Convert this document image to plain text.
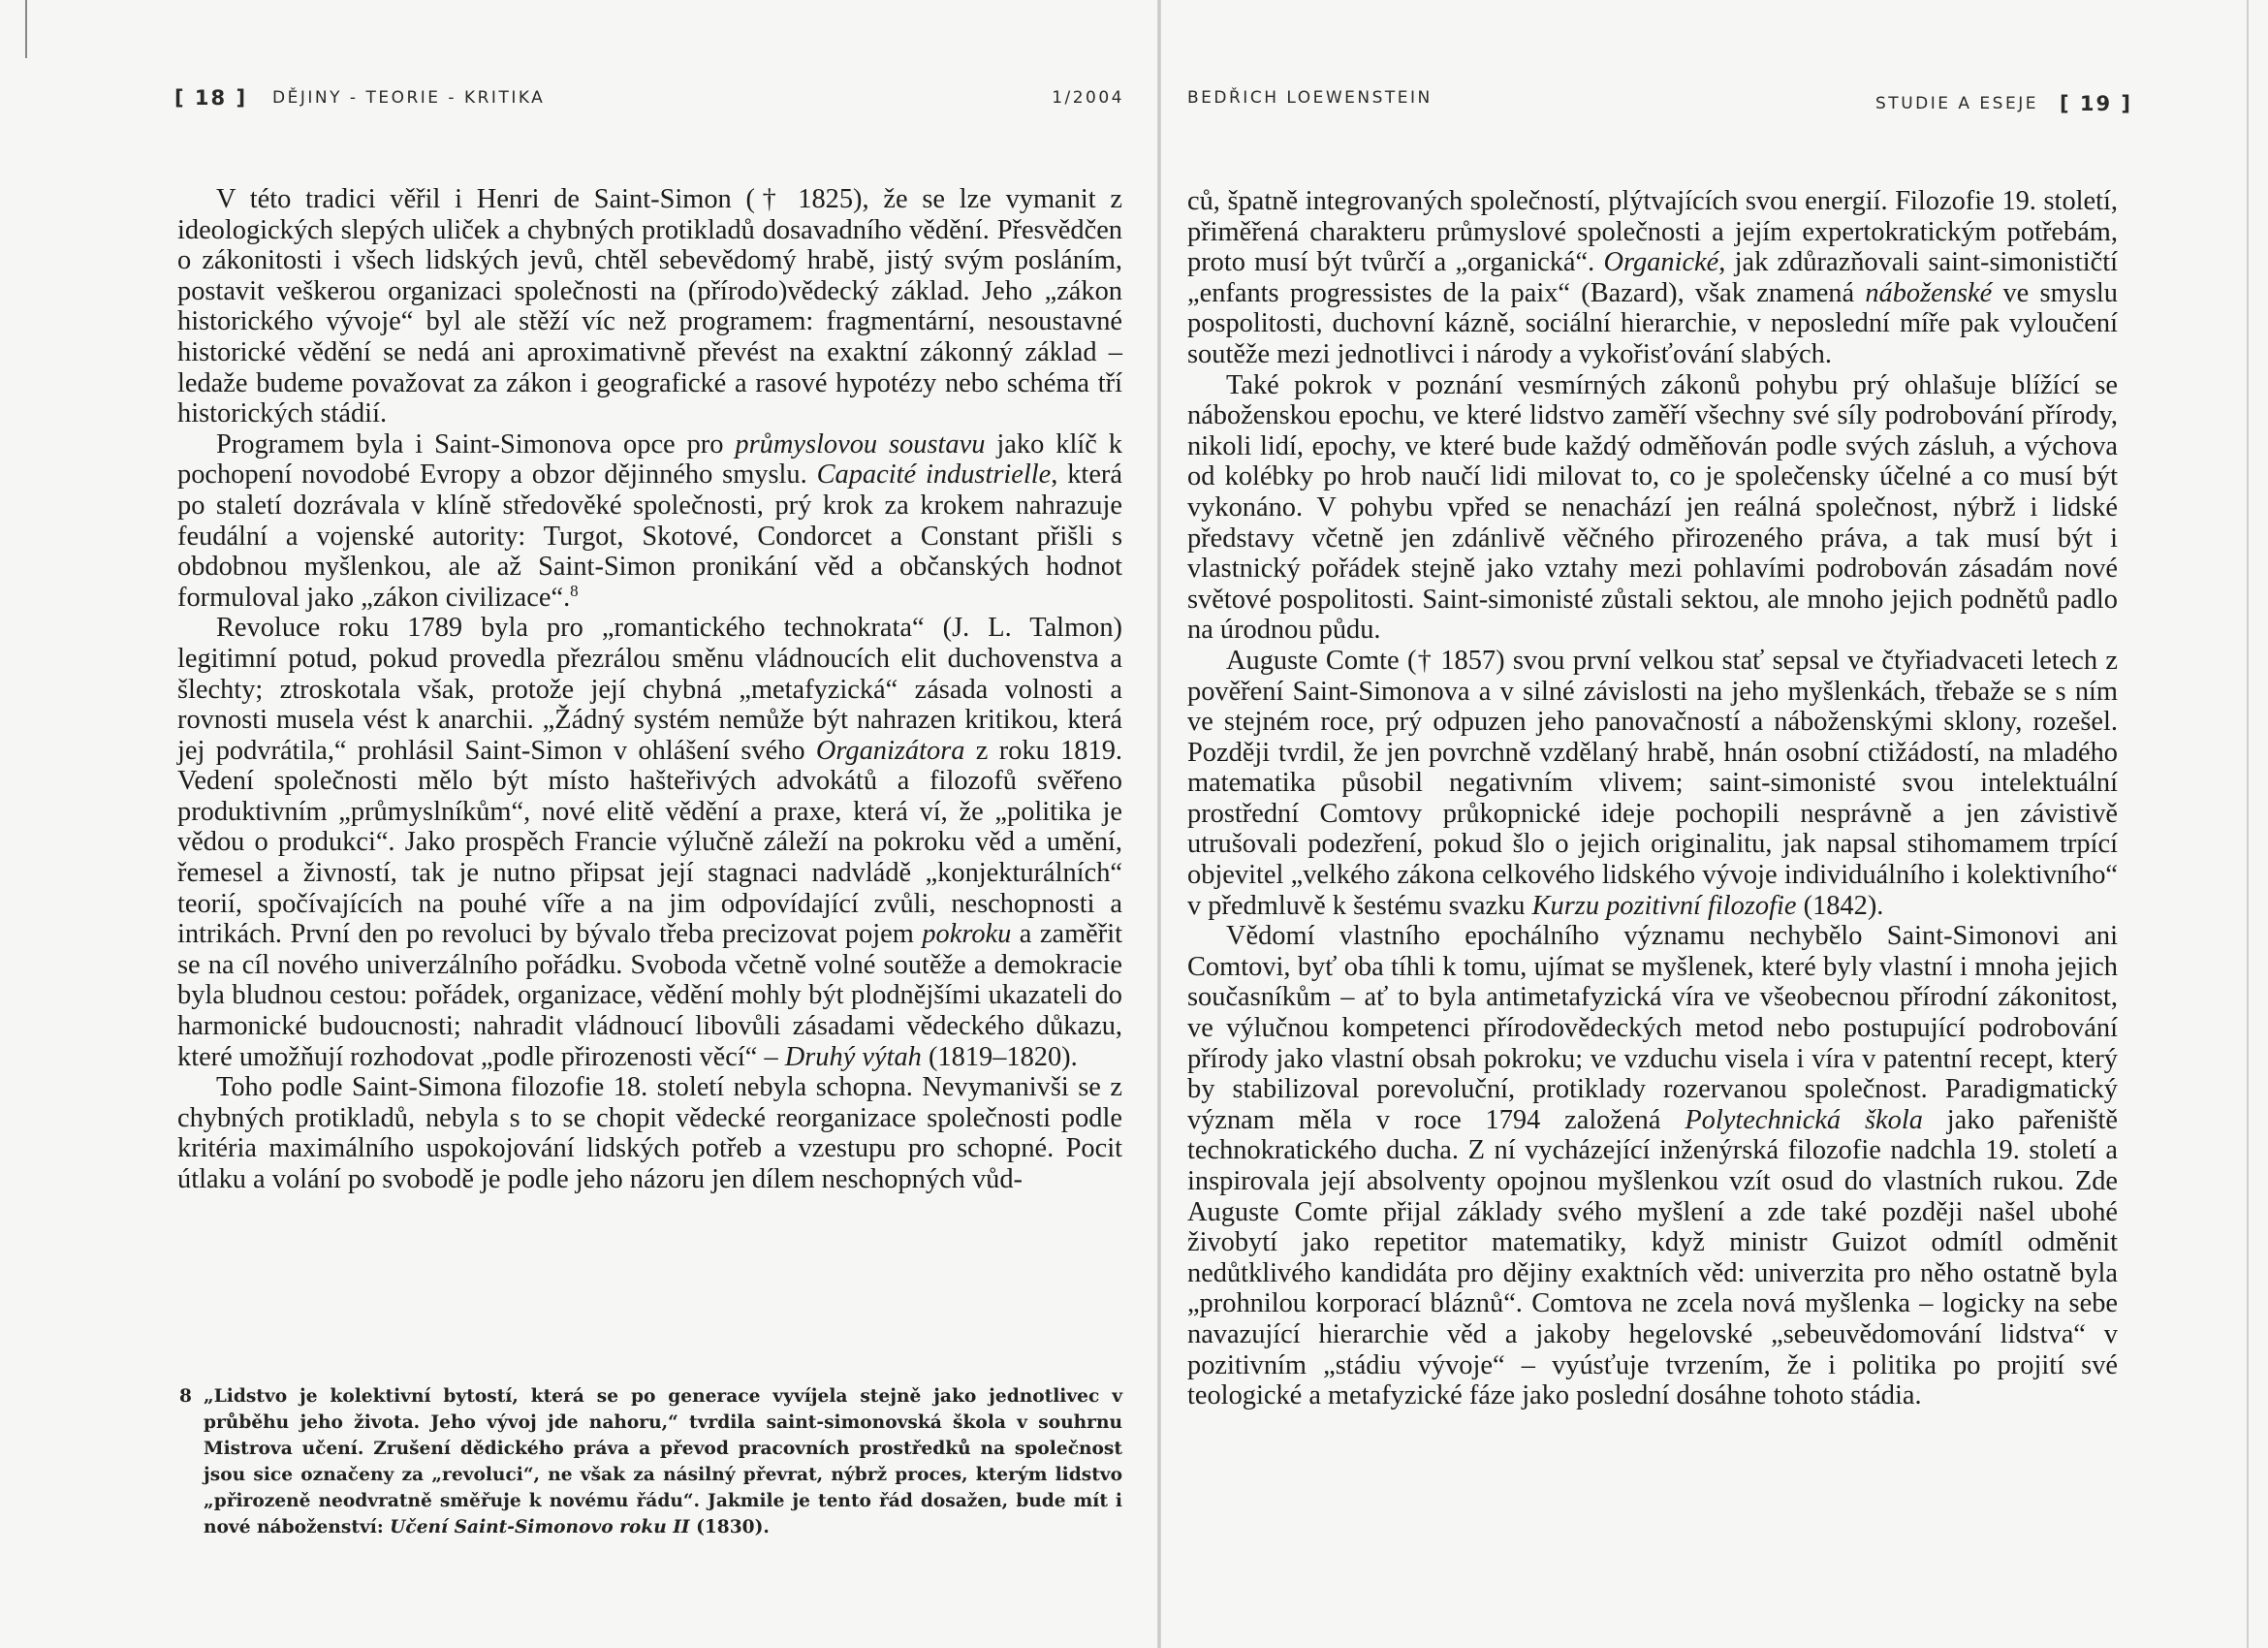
[ 18 ] DĚJINY - TEORIE - KRITIKA	1/2004	BEDŘICH LOEWENSTEIN	STUDIE A ESEJE [ 19 ]

V této tradici věřil i Henri de Saint-Simon († 1825), že se lze vymanit z ideologických slepých uliček a chybných protikladů dosavadního vědění. Přesvědčen o zákonitosti i všech lidských jevů, chtěl sebevědomý hrabě, jistý svým posláním, postavit veškerou organizaci společnosti na (přírodo)vědecký základ. Jeho „zákon historického vývoje“ byl ale stěží víc než programem: fragmentární, nesoustavné historické vědění se nedá ani aproximativně převést na exaktní zákonný základ – ledaže budeme považovat za zákon i geografické a rasové hypotézy nebo schéma tří historických stádií.

Programem byla i Saint-Simonova opce pro průmyslovou soustavu jako klíč k pochopení novodobé Evropy a obzor dějinného smyslu. Capacité industrielle, která po staletí dozrávala v klíně středověké společnosti, prý krok za krokem nahrazuje feudální a vojenské autority: Turgot, Skotové, Condorcet a Constant přišli s obdobnou myšlenkou, ale až Saint-Simon pronikání věd a občanských hodnot formuloval jako „zákon civilizace“.$^8$

Revoluce roku 1789 byla pro „romantického technokrata“ (J. L. Talmon) legitimní potud, pokud provedla přezrálou směnu vládnoucích elit duchovenstva a šlechty; ztroskotala však, protože její chybná „metafyzická“ zásada volnosti a rovnosti musela vést k anarchii. „Žádný systém nemůže být nahrazen kritikou, která jej podvrátila,“ prohlásil Saint-Simon v ohlášení svého Organizátora z roku 1819. Vedení společnosti mělo být místo hašteřivých advokátů a filozofů svěřeno produktivním „průmyslníkům“, nové elitě vědění a praxe, která ví, že „politika je vědou o produkci“. Jako prospěch Francie výlučně záleží na pokroku věd a umění, řemesel a živností, tak je nutno připsat její stagnaci nadvládě „konjekturálních“ teorií, spočívajících na pouhé víře a na jim odpovídající zvůli, neschopnosti a intrikách. První den po revoluci by bývalo třeba precizovat pojem pokroku a zaměřit se na cíl nového univerzálního pořádku. Svoboda včetně volné soutěže a demokracie byla bludnou cestou: pořádek, organizace, vědění mohly být plodnějšími ukazateli do harmonické budoucnosti; nahradit vládnoucí libovůli zásadami vědeckého důkazu, které umožňují rozhodovat „podle přirozenosti věcí“ – Druhý výtah (1819–1820).

Toho podle Saint-Simona filozofie 18. století nebyla schopna. Nevymanivši se z chybných protikladů, nebyla s to se chopit vědecké reorganizace společnosti podle kritéria maximálního uspokojování lidských potřeb a vzestupu pro schopné. Pocit útlaku a volání po svobodě je podle jeho názoru jen dílem neschopných vůd-

ců, špatně integrovaných společností, plýtvajících svou energií. Filozofie 19. století, přiměřená charakteru průmyslové společnosti a jejím expertokratickým potřebám, proto musí být tvůrčí a „organická“. Organické, jak zdůrazňovali saint-simonističtí „enfants progressistes de la paix“ (Bazard), však znamená náboženské ve smyslu pospolitosti, duchovní kázně, sociální hierarchie, v neposlední míře pak vyloučení soutěže mezi jednotlivci i národy a vykořisťování slabých.

Také pokrok v poznání vesmírných zákonů pohybu prý ohlašuje blížící se náboženskou epochu, ve které lidstvo zaměří všechny své síly podrobování přírody, nikoli lidí, epochy, ve které bude každý odměňován podle svých zásluh, a výchova od kolébky po hrob naučí lidi milovat to, co je společensky účelné a co musí být vykonáno. V pohybu vpřed se nenachází jen reálná společnost, nýbrž i lidské představy včetně jen zdánlivě věčného přirozeného práva, a tak musí být i vlastnický pořádek stejně jako vztahy mezi pohlavími podrobován zásadám nové světové pospolitosti. Saint-simonisté zůstali sektou, ale mnoho jejich podnětů padlo na úrodnou půdu.

Auguste Comte († 1857) svou první velkou stať sepsal ve čtyřiadvaceti letech z pověření Saint-Simonova a v silné závislosti na jeho myšlenkách, třebaže se s ním ve stejném roce, prý odpuzen jeho panovačností a náboženskými sklony, rozešel. Později tvrdil, že jen povrchně vzdělaný hrabě, hnán osobní ctižádostí, na mladého matematika působil negativním vlivem; saint-simonisté svou intelektuální prostřední Comtovy průkopnické ideje pochopili nesprávně a jen závistivě utrušovali podezření, pokud šlo o jejich originalitu, jak napsal stihomamem trpící objevitel „velkého zákona celkového lidského vývoje individuálního i kolektivního“ v předmluvě k šestému svazku Kurzu pozitivní filozofie (1842).

Vědomí vlastního epochálního významu nechybělo Saint-Simonovi ani Comtovi, byť oba tíhli k tomu, ujímat se myšlenek, které byly vlastní i mnoha jejich současníkům – ať to byla antimetafyzická víra ve všeobecnou přírodní zákonitost, ve výlučnou kompetenci přírodovědeckých metod nebo postupující podrobování přírody jako vlastní obsah pokroku; ve vzduchu visela i víra v patentní recept, který by stabilizoval porevoluční, protiklady rozervanou společnost. Paradigmatický význam měla v roce 1794 založená Polytechnická škola jako pařeniště technokratického ducha. Z ní vycházející inženýrská filozofie nadchla 19. století a inspirovala její absolventy opojnou myšlenkou vzít osud do vlastních rukou. Zde Auguste Comte přijal základy svého myšlení a zde také později našel ubohé živobytí jako repetitor matematiky, když ministr Guizot odmítl odměnit nedůtklivého kandidáta pro dějiny exaktních věd: univerzita pro něho ostatně byla „prohnilou korporací bláznů“. Comtova ne zcela nová myšlenka – logicky na sebe navazující hierarchie věd a jakoby hegelovské „sebeuvědomování lidstva“ v pozitivním „stádiu vývoje“ – vyúsťuje tvrzením, že i politika po projití své teologické a metafyzické fáze jako poslední dosáhne tohoto stádia.

8 „Lidstvo je kolektivní bytostí, která se po generace vyvíjela stejně jako jednotlivec v průběhu jeho života. Jeho vývoj jde nahoru,“ tvrdila saint-simonovská škola v souhrnu Mistrova učení. Zrušení dědického práva a převod pracovních prostředků na společnost jsou sice označeny za „revoluci“, ne však za násilný převrat, nýbrž proces, kterým lidstvo „přirozeně neodvratně směřuje k novému řádu“. Jakmile je tento řád dosažen, bude mít i nové náboženství: Učení Saint-Simonovo roku II (1830).
